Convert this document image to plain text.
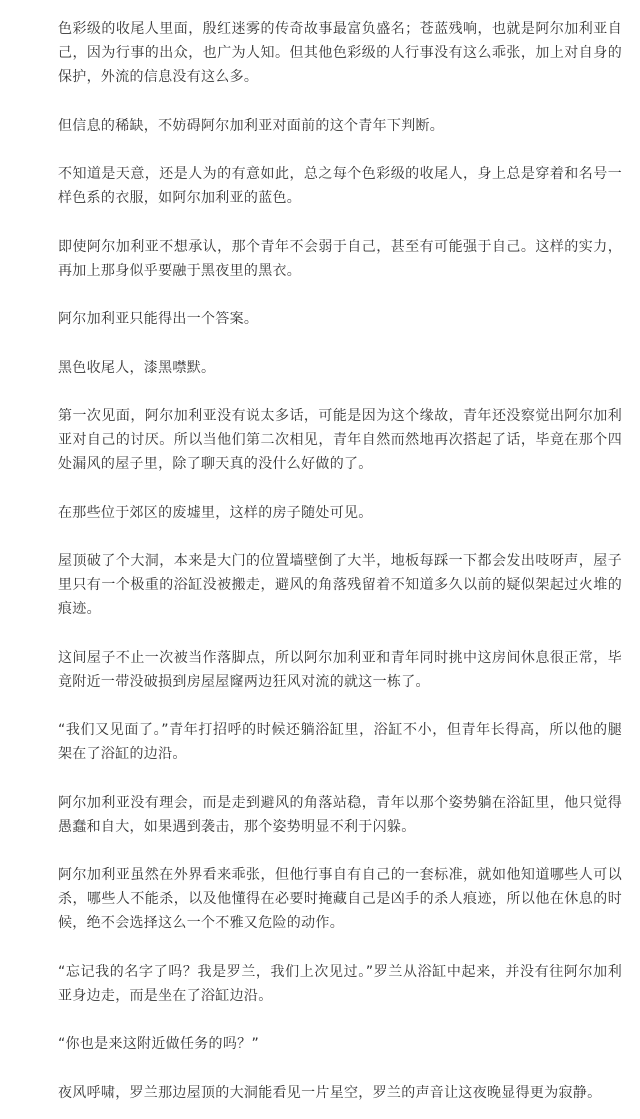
色彩级的收尾人里面，殷红迷雾的传奇故事最富负盛名；苍蓝残响，也就是阿尔加利亚自己，因为行事的出众，也广为人知。但其他色彩级的人行事没有这么乖张，加上对自身的保护，外流的信息没有这么多。

但信息的稀缺，不妨碍阿尔加利亚对面前的这个青年下判断。

不知道是天意，还是人为的有意如此，总之每个色彩级的收尾人，身上总是穿着和名号一样色系的衣服，如阿尔加利亚的蓝色。

即使阿尔加利亚不想承认，那个青年不会弱于自己，甚至有可能强于自己。这样的实力，再加上那身似乎要融于黑夜里的黑衣。

阿尔加利亚只能得出一个答案。

黑色收尾人，漆黑噤默。

第一次见面，阿尔加利亚没有说太多话，可能是因为这个缘故，青年还没察觉出阿尔加利亚对自己的讨厌。所以当他们第二次相见，青年自然而然地再次搭起了话，毕竟在那个四处漏风的屋子里，除了聊天真的没什么好做的了。

在那些位于郊区的废墟里，这样的房子随处可见。

屋顶破了个大洞，本来是大门的位置墙壁倒了大半，地板每踩一下都会发出吱呀声，屋子里只有一个极重的浴缸没被搬走，避风的角落残留着不知道多久以前的疑似架起过火堆的痕迹。

这间屋子不止一次被当作落脚点，所以阿尔加利亚和青年同时挑中这房间休息很正常，毕竟附近一带没破损到房屋屋窿两边狂风对流的就这一栋了。

“我们又见面了。”青年打招呼的时候还躺浴缸里，浴缸不小，但青年长得高，所以他的腿架在了浴缸的边沿。

阿尔加利亚没有理会，而是走到避风的角落站稳，青年以那个姿势躺在浴缸里，他只觉得愚蠢和自大，如果遇到袭击，那个姿势明显不利于闪躲。

阿尔加利亚虽然在外界看来乖张，但他行事自有自己的一套标准，就如他知道哪些人可以杀，哪些人不能杀，以及他懂得在必要时掩藏自己是凶手的杀人痕迹，所以他在休息的时候，绝不会选择这么一个不雅又危险的动作。

“忘记我的名字了吗？我是罗兰，我们上次见过。”罗兰从浴缸中起来，并没有往阿尔加利亚身边走，而是坐在了浴缸边沿。

“你也是来这附近做任务的吗？”

夜风呼啸，罗兰那边屋顶的大洞能看见一片星空，罗兰的声音让这夜晚显得更为寂静。
